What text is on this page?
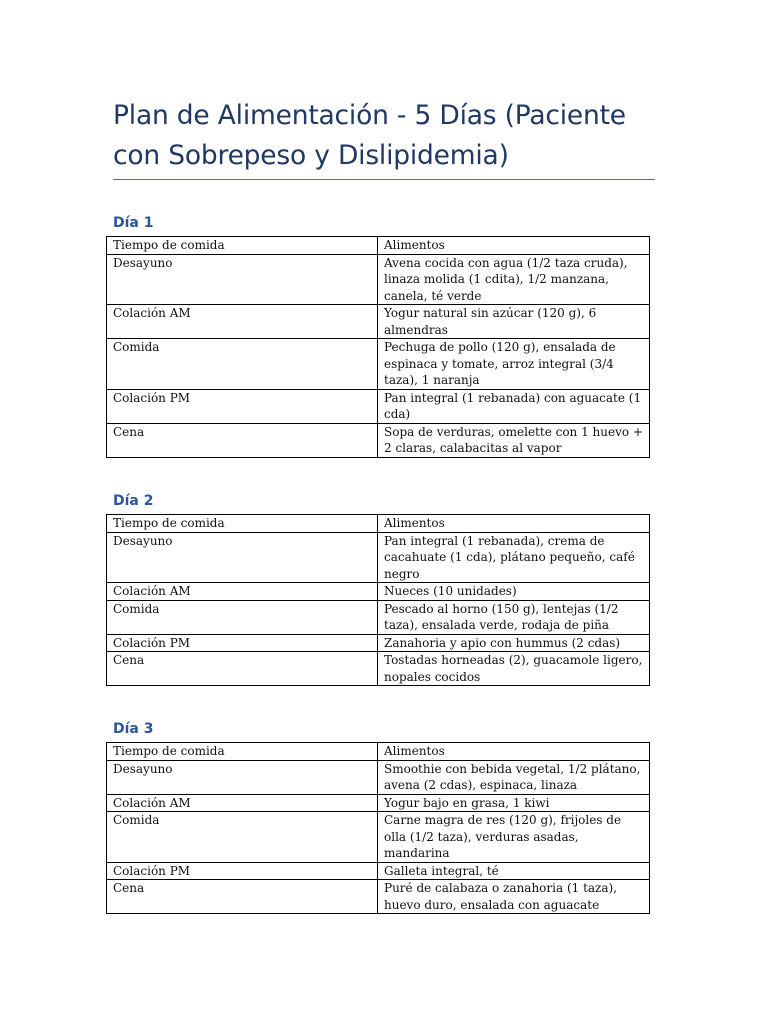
Plan de Alimentación - 5 Días (Paciente con Sobrepeso y Dislipidemia)
Día 1
Tiempo de comida	Alimentos

Desayuno	Avena cocida con agua (1/2 taza cruda), linaza molida (1 cdita), 1/2 manzana, canela, té verde

Colación AM	Yogur natural sin azúcar (120 g), 6 almendras

Comida	Pechuga de pollo (120 g), ensalada de espinaca y tomate, arroz integral (3/4 taza), 1 naranja

Colación PM	Pan integral (1 rebanada) con aguacate (1 cda)

Cena	Sopa de verduras, omelette con 1 huevo + 2 claras, calabacitas al vapor
Día 2
Tiempo de comida	Alimentos

Desayuno	Pan integral (1 rebanada), crema de cacahuate (1 cda), plátano pequeño, café negro

Colación AM	Nueces (10 unidades)

Comida	Pescado al horno (150 g), lentejas (1/2 taza), ensalada verde, rodaja de piña

Colación PM	Zanahoria y apio con hummus (2 cdas)

Cena	Tostadas horneadas (2), guacamole ligero, nopales cocidos
Día 3
Tiempo de comida	Alimentos

Desayuno	Smoothie con bebida vegetal, 1/2 plátano, avena (2 cdas), espinaca, linaza

Colación AM	Yogur bajo en grasa, 1 kiwi

Comida	Carne magra de res (120 g), frijoles de olla (1/2 taza), verduras asadas, mandarina

Colación PM	Galleta integral, té

Cena	Puré de calabaza o zanahoria (1 taza), huevo duro, ensalada con aguacate
